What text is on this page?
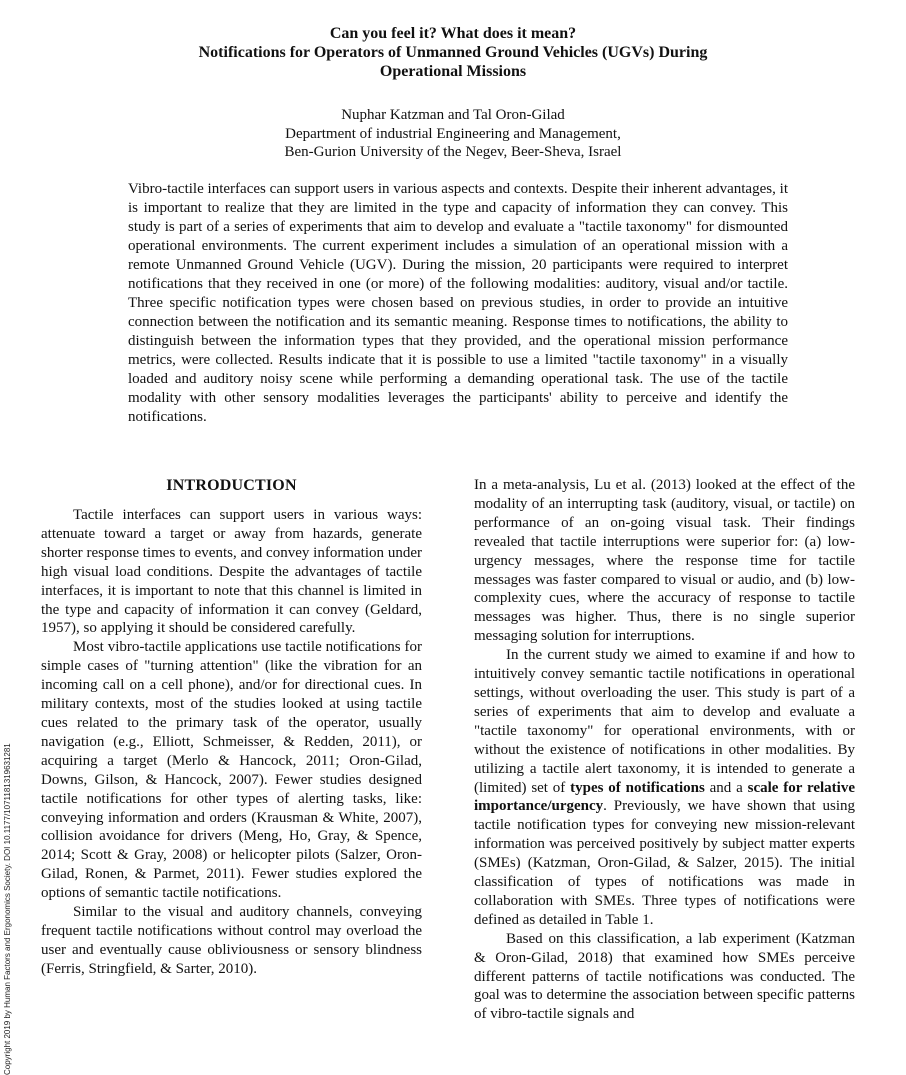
Can you feel it? What does it mean?
Notifications for Operators of Unmanned Ground Vehicles (UGVs) During
Operational Missions
Nuphar Katzman and Tal Oron-Gilad
Department of industrial Engineering and Management,
Ben-Gurion University of the Negev, Beer-Sheva, Israel

Vibro-tactile interfaces can support users in various aspects and contexts. Despite their inherent advantages, it is important to realize that they are limited in the type and capacity of information they can convey. This study is part of a series of experiments that aim to develop and evaluate a "tactile taxonomy" for dismounted operational environments. The current experiment includes a simulation of an operational mission with a remote Unmanned Ground Vehicle (UGV). During the mission, 20 participants were required to interpret notifications that they received in one (or more) of the following modalities: auditory, visual and/or tactile. Three specific notification types were chosen based on previous studies, in order to provide an intuitive connection between the notification and its semantic meaning. Response times to notifications, the ability to distinguish between the information types that they provided, and the operational mission performance metrics, were collected. Results indicate that it is possible to use a limited "tactile taxonomy" in a visually loaded and auditory noisy scene while performing a demanding operational task. The use of the tactile modality with other sensory modalities leverages the participants' ability to perceive and identify the notifications.

INTRODUCTION

Tactile interfaces can support users in various ways: attenuate toward a target or away from hazards, generate shorter response times to events, and convey information under high visual load conditions. Despite the advantages of tactile interfaces, it is important to note that this channel is limited in the type and capacity of information it can convey (Geldard, 1957), so applying it should be considered carefully.

Most vibro-tactile applications use tactile notifications for simple cases of "turning attention" (like the vibration for an incoming call on a cell phone), and/or for directional cues. In military contexts, most of the studies looked at using tactile cues related to the primary task of the operator, usually navigation (e.g., Elliott, Schmeisser, & Redden, 2011), or acquiring a target (Merlo & Hancock, 2011; Oron-Gilad, Downs, Gilson, & Hancock, 2007). Fewer studies designed tactile notifications for other types of alerting tasks, like: conveying information and orders (Krausman & White, 2007), collision avoidance for drivers (Meng, Ho, Gray, & Spence, 2014; Scott & Gray, 2008) or helicopter pilots (Salzer, Oron-Gilad, Ronen, & Parmet, 2011). Fewer studies explored the options of semantic tactile notifications.

Similar to the visual and auditory channels, conveying frequent tactile notifications without control may overload the user and eventually cause obliviousness or sensory blindness (Ferris, Stringfield, & Sarter, 2010).

In a meta-analysis, Lu et al. (2013) looked at the effect of the modality of an interrupting task (auditory, visual, or tactile) on performance of an on-going visual task. Their findings revealed that tactile interruptions were superior for: (a) low-urgency messages, where the response time for tactile messages was faster compared to visual or audio, and (b) low-complexity cues, where the accuracy of response to tactile messages was higher. Thus, there is no single superior messaging solution for interruptions.

In the current study we aimed to examine if and how to intuitively convey semantic tactile notifications in operational settings, without overloading the user. This study is part of a series of experiments that aim to develop and evaluate a "tactile taxonomy" for operational environments, with or without the existence of notifications in other modalities. By utilizing a tactile alert taxonomy, it is intended to generate a (limited) set of types of notifications and a scale for relative importance/urgency. Previously, we have shown that using tactile notification types for conveying new mission-relevant information was perceived positively by subject matter experts (SMEs) (Katzman, Oron-Gilad, & Salzer, 2015). The initial classification of types of notifications was made in collaboration with SMEs. Three types of notifications were defined as detailed in Table 1.

Based on this classification, a lab experiment (Katzman & Oron-Gilad, 2018) that examined how SMEs perceive different patterns of tactile notifications was conducted. The goal was to determine the association between specific patterns of vibro-tactile signals and

Copyright 2019 by Human Factors and Ergonomics Society. DOI 10.1177/1071181319631281
